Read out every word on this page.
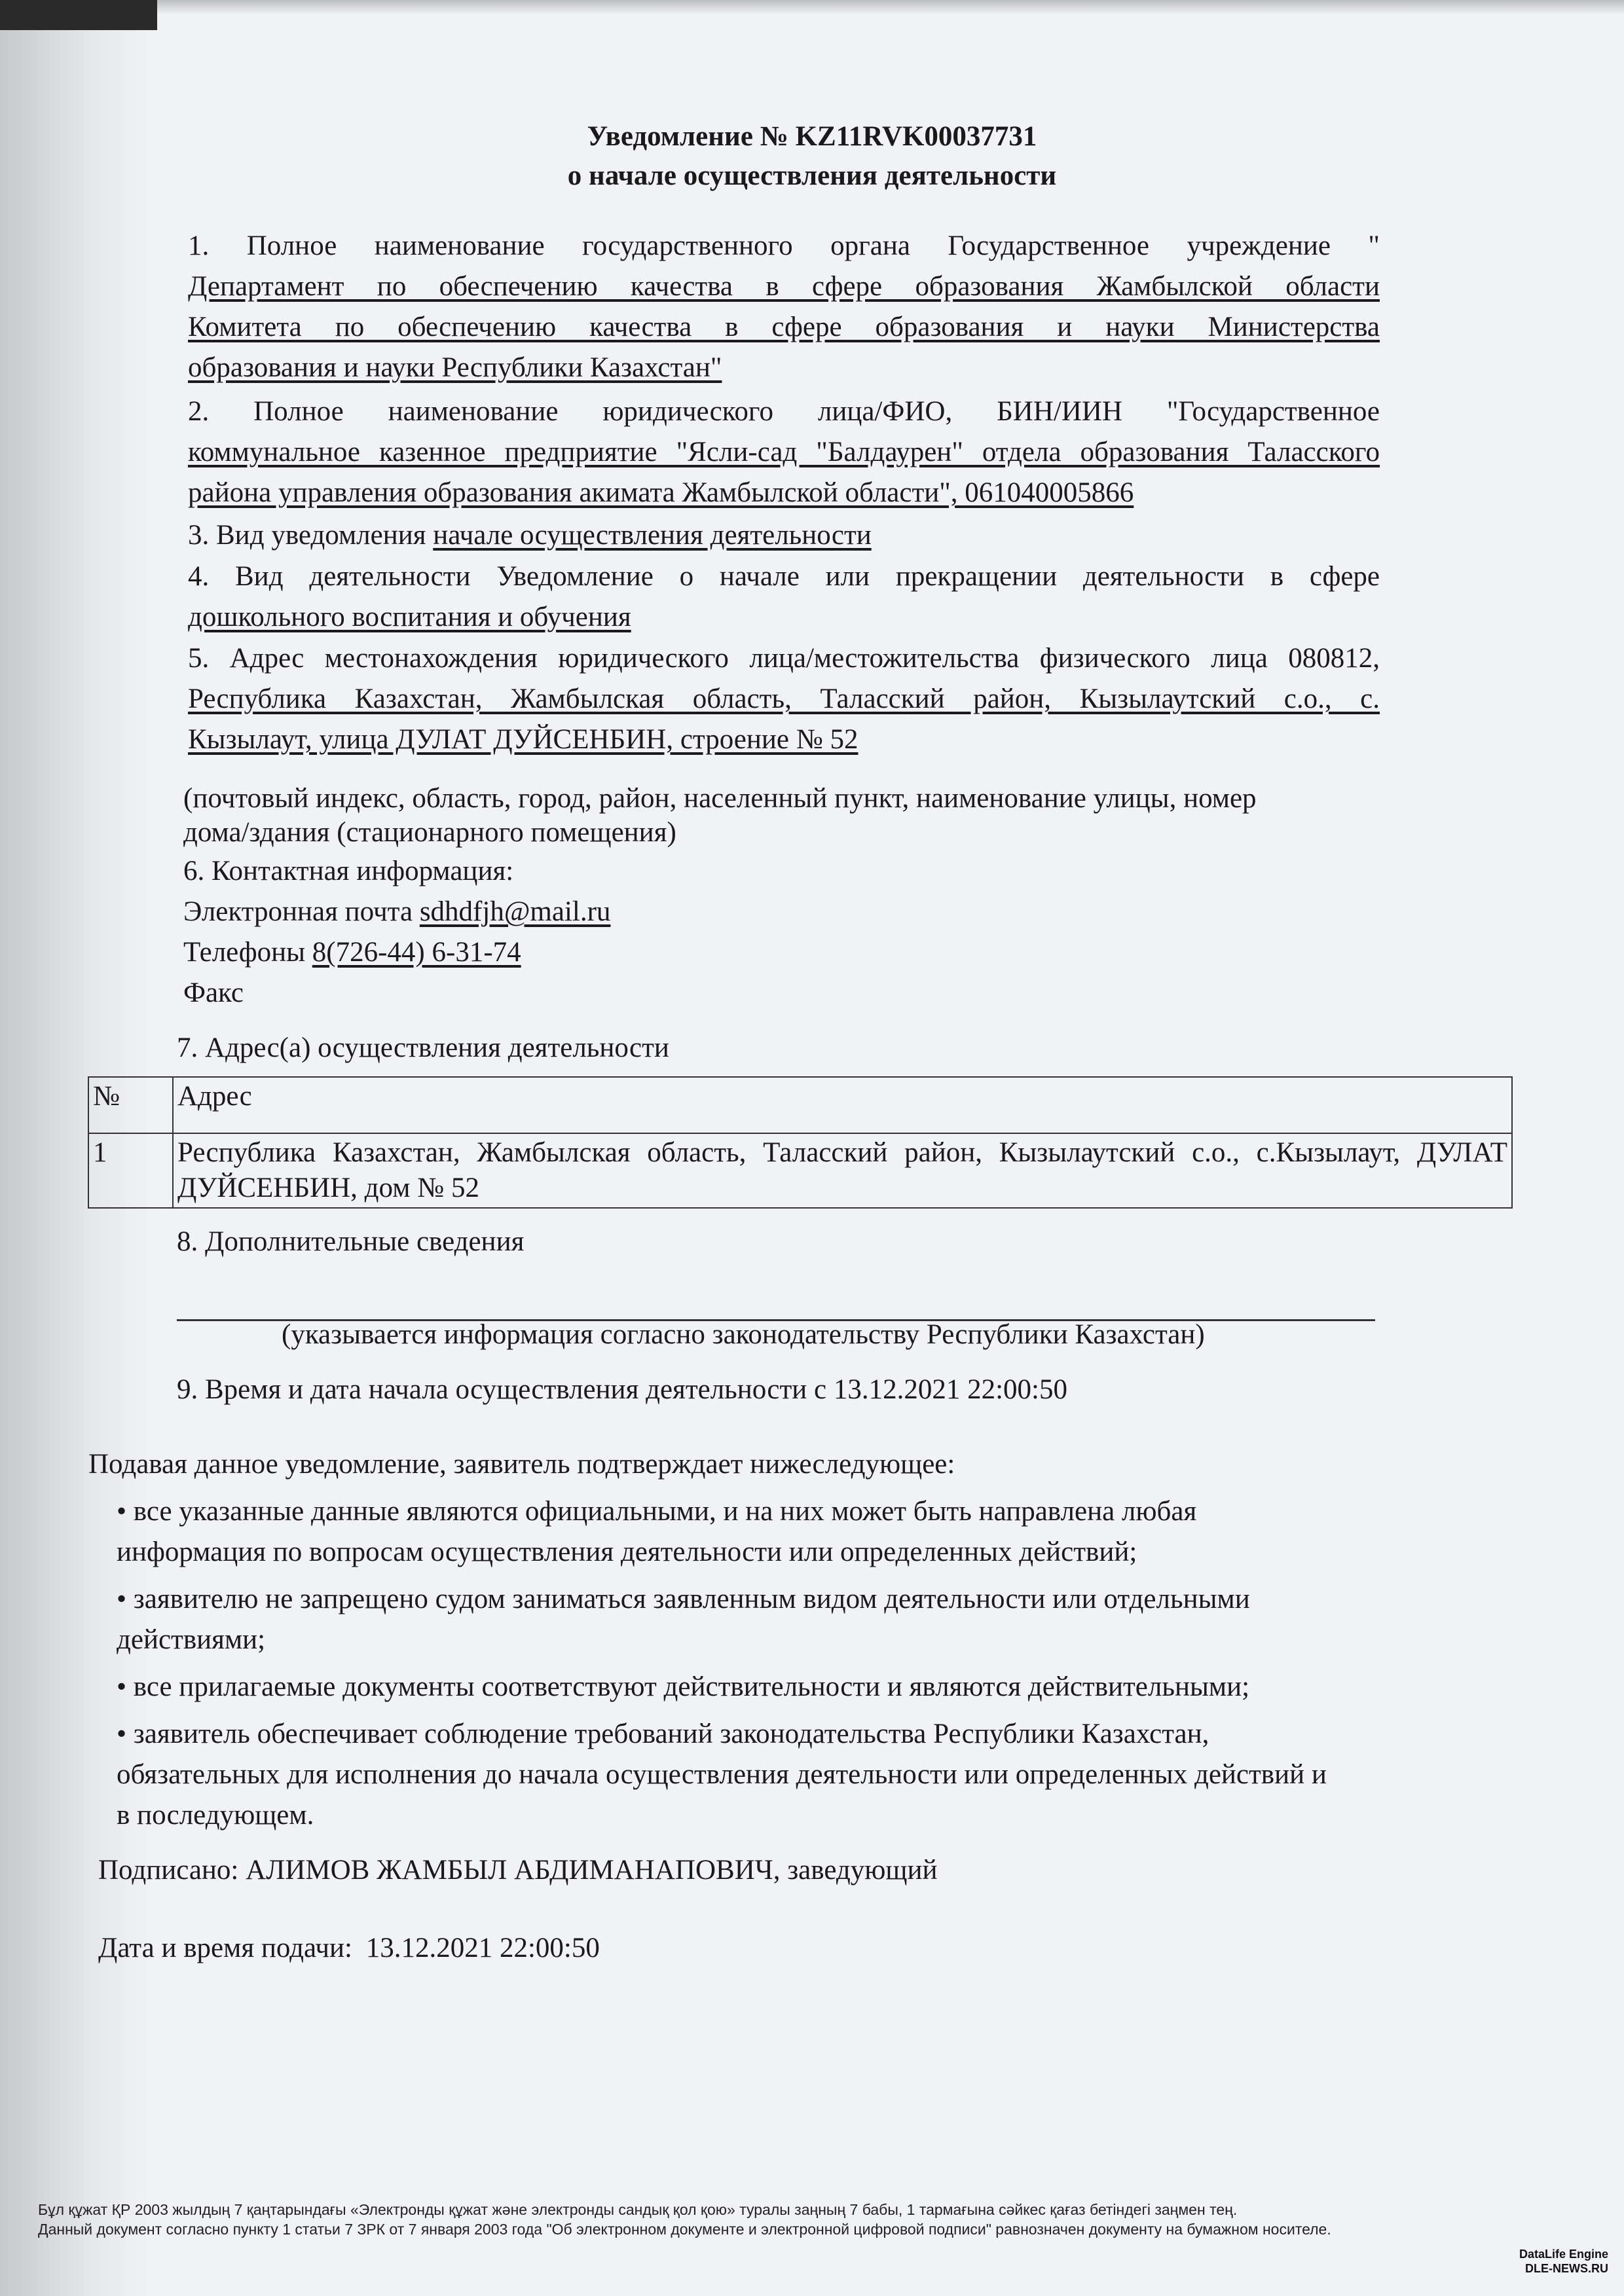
Уведомление № KZ11RVK00037731
о начале осуществления деятельности

1. Полное наименование государственного органа Государственное учреждение "

Департамент по обеспечению качества в сфере образования Жамбылской области

Комитета по обеспечению качества в сфере образования и науки Министерства

образования и науки Республики Казахстан"

2. Полное наименование юридического лица/ФИО, БИН/ИИН "Государственное

коммунальное казенное предприятие "Ясли-сад "Балдаурен" отдела образования Таласского

района управления образования акимата Жамбылской области", 061040005866

3. Вид уведомления начале осуществления деятельности

4. Вид деятельности Уведомление о начале или прекращении деятельности в сфере

дошкольного воспитания и обучения

5. Адрес местонахождения юридического лица/местожительства физического лица 080812,

Республика Казахстан, Жамбылская область, Таласский район, Кызылаутский с.о., с.

Кызылаут, улица ДУЛАТ ДУЙСЕНБИН, строение № 52

(почтовый индекс, область, город, район, населенный пункт, наименование улицы, номер
дома/здания (стационарного помещения)
6. Контактная информация:
Электронная почта sdhdfjh@mail.ru
Телефоны 8(726-44) 6-31-74
Факс
7. Адрес(а) осуществления деятельности
№	Адрес
1	Республика Казахстан, Жамбылская область, Таласский район, Кызылаутский с.о., с.Кызылаут, ДУЛАТ ДУЙСЕНБИН, дом № 52
8. Дополнительные сведения
(указывается информация согласно законодательству Республики Казахстан)
9. Время и дата начала осуществления деятельности с 13.12.2021 22:00:50
Подавая данное уведомление, заявитель подтверждает нижеследующее:
• все указанные данные являются официальными, и на них может быть направлена любая
информация по вопросам осуществления деятельности или определенных действий;
• заявителю не запрещено судом заниматься заявленным видом деятельности или отдельными
действиями;
• все прилагаемые документы соответствуют действительности и являются действительными;
• заявитель обеспечивает соблюдение требований законодательства Республики Казахстан,
обязательных для исполнения до начала осуществления деятельности или определенных действий и
в последующем.
Подписано: АЛИМОВ ЖАМБЫЛ АБДИМАНАПОВИЧ, заведующий
Дата и время подачи: 13.12.2021 22:00:50
Бұл құжат ҚР 2003 жылдың 7 қаңтарындағы «Электронды құжат және электронды сандық қол қою» туралы заңның 7 бабы, 1 тармағына сәйкес қағаз бетіндегі заңмен тең.
Данный документ согласно пункту 1 статьи 7 ЗРК от 7 января 2003 года "Об электронном документе и электронной цифровой подписи" равнозначен документу на бумажном носителе.
DataLife Engine
DLE-NEWS.RU
